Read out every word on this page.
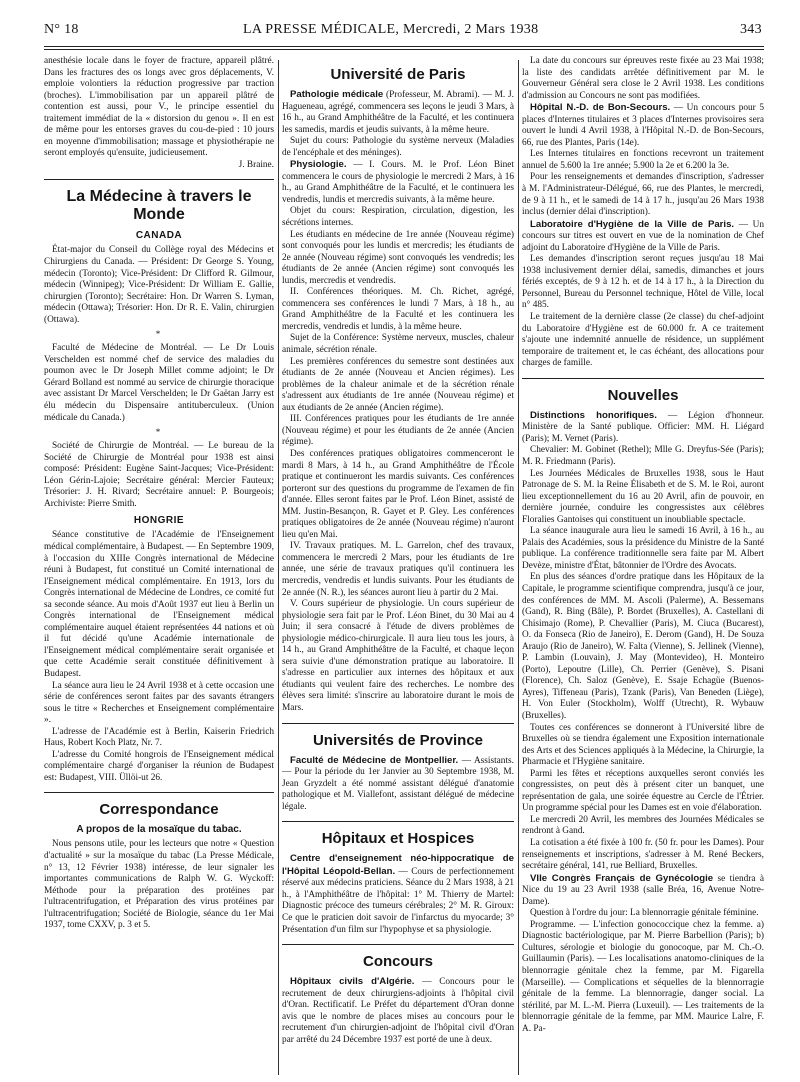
N° 18	LA PRESSE MÉDICALE, Mercredi, 2 Mars 1938	343

anesthésie locale dans le foyer de fracture, appareil plâtré. Dans les fractures des os longs avec gros déplacements, V. emploie volontiers la réduction progressive par traction (broches). L'immobilisation par un appareil plâtré de contention est aussi, pour V., le principe essentiel du traitement immédiat de la « distorsion du genou ». Il en est de même pour les entorses graves du cou-de-pied : 10 jours en moyenne d'immobilisation; massage et physiothérapie ne seront employés qu'ensuite, judicieusement.

J. Braine.

La Médecine à travers le Monde
CANADA

État-major du Conseil du Collège royal des Médecins et Chirurgiens du Canada. — Président: Dr George S. Young, médecin (Toronto); Vice-Président: Dr Clifford R. Gilmour, médecin (Winnipeg); Vice-Président: Dr William E. Gallie, chirurgien (Toronto); Secrétaire: Hon. Dr Warren S. Lyman, médecin (Ottawa); Trésorier: Hon. Dr R. E. Valin, chirurgien (Ottawa).

*

Faculté de Médecine de Montréal. — Le Dr Louis Verschelden est nommé chef de service des maladies du poumon avec le Dr Joseph Millet comme adjoint; le Dr Gérard Bolland est nommé au service de chirurgie thoracique avec assistant Dr Marcel Verschelden; le Dr Gaëtan Jarry est élu médecin du Dispensaire antituberculeux. (Union médicale du Canada.)

*

Société de Chirurgie de Montréal. — Le bureau de la Société de Chirurgie de Montréal pour 1938 est ainsi composé: Président: Eugène Saint-Jacques; Vice-Président: Léon Gérin-Lajoie; Secrétaire général: Mercier Fauteux; Trésorier: J. H. Rivard; Secrétaire annuel: P. Bourgeois; Archiviste: Pierre Smith.

HONGRIE

Séance constitutive de l'Académie de l'Enseignement médical complémentaire, à Budapest. — En Septembre 1909, à l'occasion du XIIIe Congrès international de Médecine réuni à Budapest, fut constitué un Comité international de l'Enseignement médical complémentaire. En 1913, lors du Congrès international de Médecine de Londres, ce comité fut sa seconde séance. Au mois d'Août 1937 eut lieu à Berlin un Congrès international de l'Enseignement médical complémentaire auquel étaient représentées 44 nations et où il fut décidé qu'une Académie internationale de l'Enseignement médical complémentaire serait organisée et que cette Académie serait constituée définitivement à Budapest.

La séance aura lieu le 24 Avril 1938 et à cette occasion une série de conférences seront faites par des savants étrangers sous le titre « Recherches et Enseignement complémentaire ».

L'adresse de l'Académie est à Berlin, Kaiserin Friedrich Haus, Robert Koch Platz, Nr. 7.

L'adresse du Comité hongrois de l'Enseignement médical complémentaire chargé d'organiser la réunion de Budapest est: Budapest, VIII. Üllöi-ut 26.

Correspondance
A propos de la mosaïque du tabac.

Nous pensons utile, pour les lecteurs que notre « Question d'actualité » sur la mosaïque du tabac (La Presse Médicale, n° 13, 12 Février 1938) intéresse, de leur signaler les importantes communications de Ralph W. G. Wyckoff: Méthode pour la préparation des protéines par l'ultracentrifugation, et Préparation des virus protéines par l'ultracentrifugation; Société de Biologie, séance du 1er Mai 1937, tome CXXV, p. 3 et 5.

Université de Paris

Pathologie médicale (Professeur, M. Abrami). — M. J. Hagueneau, agrégé, commencera ses leçons le jeudi 3 Mars, à 16 h., au Grand Amphithéâtre de la Faculté, et les continuera les samedis, mardis et jeudis suivants, à la même heure.

Sujet du cours: Pathologie du système nerveux (Maladies de l'encéphale et des méninges).

Physiologie. — I. Cours. M. le Prof. Léon Binet commencera le cours de physiologie le mercredi 2 Mars, à 16 h., au Grand Amphithéâtre de la Faculté, et le continuera les vendredis, lundis et mercredis suivants, à la même heure.

Objet du cours: Respiration, circulation, digestion, les sécrétions internes.

Les étudiants en médecine de 1re année (Nouveau régime) sont convoqués pour les lundis et mercredis; les étudiants de 2e année (Nouveau régime) sont convoqués les vendredis; les étudiants de 2e année (Ancien régime) sont convoqués les lundis, mercredis et vendredis.

II. Conférences théoriques. M. Ch. Richet, agrégé, commencera ses conférences le lundi 7 Mars, à 18 h., au Grand Amphithéâtre de la Faculté et les continuera les mercredis, vendredis et lundis, à la même heure.

Sujet de la Conférence: Système nerveux, muscles, chaleur animale, sécrétion rénale.

Les premières conférences du semestre sont destinées aux étudiants de 2e année (Nouveau et Ancien régimes). Les problèmes de la chaleur animale et de la sécrétion rénale s'adressent aux étudiants de 1re année (Nouveau régime) et aux étudiants de 2e année (Ancien régime).

III. Conférences pratiques pour les étudiants de 1re année (Nouveau régime) et pour les étudiants de 2e année (Ancien régime).

Des conférences pratiques obligatoires commenceront le mardi 8 Mars, à 14 h., au Grand Amphithéâtre de l'École pratique et continueront les mardis suivants. Ces conférences porteront sur des questions du programme de l'examen de fin d'année. Elles seront faites par le Prof. Léon Binet, assisté de MM. Justin-Besançon, R. Gayet et P. Gley. Les conférences pratiques obligatoires de 2e année (Nouveau régime) n'auront lieu qu'en Mai.

IV. Travaux pratiques. M. L. Garrelon, chef des travaux, commencera le mercredi 2 Mars, pour les étudiants de 1re année, une série de travaux pratiques qu'il continuera les mercredis, vendredis et lundis suivants. Pour les étudiants de 2e année (N. R.), les séances auront lieu à partir du 2 Mai.

V. Cours supérieur de physiologie. Un cours supérieur de physiologie sera fait par le Prof. Léon Binet, du 30 Mai au 4 Juin; il sera consacré à l'étude de divers problèmes de physiologie médico-chirurgicale. Il aura lieu tous les jours, à 14 h., au Grand Amphithéâtre de la Faculté, et chaque leçon sera suivie d'une démonstration pratique au laboratoire. Il s'adresse en particulier aux internes des hôpitaux et aux étudiants qui veulent faire des recherches. Le nombre des élèves sera limité: s'inscrire au laboratoire durant le mois de Mars.

Universités de Province

Faculté de Médecine de Montpellier. — Assistants. — Pour la période du 1er Janvier au 30 Septembre 1938, M. Jean Gryzdelt a été nommé assistant délégué d'anatomie pathologique et M. Viallefont, assistant délégué de médecine légale.

Hôpitaux et Hospices

Centre d'enseignement néo-hippocratique de l'Hôpital Léopold-Bellan. — Cours de perfectionnement réservé aux médecins praticiens. Séance du 2 Mars 1938, à 21 h., à l'Amphithéâtre de l'hôpital: 1° M. Thierry de Martel: Diagnostic précoce des tumeurs cérébrales; 2° M. R. Giroux: Ce que le praticien doit savoir de l'infarctus du myocarde; 3° Présentation d'un film sur l'hypophyse et sa physiologie.

Concours

Hôpitaux civils d'Algérie. — Concours pour le recrutement de deux chirurgiens-adjoints à l'hôpital civil d'Oran. Rectificatif. Le Préfet du département d'Oran donne avis que le nombre de places mises au concours pour le recrutement d'un chirurgien-adjoint de l'hôpital civil d'Oran par arrêté du 24 Décembre 1937 est porté de une à deux.

La date du concours sur épreuves reste fixée au 23 Mai 1938; la liste des candidats arrêtée définitivement par M. le Gouverneur Général sera close le 2 Avril 1938. Les conditions d'admission au Concours ne sont pas modifiées.

Hôpital N.-D. de Bon-Secours. — Un concours pour 5 places d'Internes titulaires et 3 places d'Internes provisoires sera ouvert le lundi 4 Avril 1938, à l'Hôpital N.-D. de Bon-Secours, 66, rue des Plantes, Paris (14e).

Les Internes titulaires en fonctions recevront un traitement annuel de 5.600 la 1re année; 5.900 la 2e et 6.200 la 3e.

Pour les renseignements et demandes d'inscription, s'adresser à M. l'Administrateur-Délégué, 66, rue des Plantes, le mercredi, de 9 à 11 h., et le samedi de 14 à 17 h., jusqu'au 26 Mars 1938 inclus (dernier délai d'inscription).

Laboratoire d'Hygiène de la Ville de Paris. — Un concours sur titres est ouvert en vue de la nomination de Chef adjoint du Laboratoire d'Hygiène de la Ville de Paris.

Les demandes d'inscription seront reçues jusqu'au 18 Mai 1938 inclusivement dernier délai, samedis, dimanches et jours fériés exceptés, de 9 à 12 h. et de 14 à 17 h., à la Direction du Personnel, Bureau du Personnel technique, Hôtel de Ville, local n° 485.

Le traitement de la dernière classe (2e classe) du chef-adjoint du Laboratoire d'Hygiène est de 60.000 fr. A ce traitement s'ajoute une indemnité annuelle de résidence, un supplément temporaire de traitement et, le cas échéant, des allocations pour charges de famille.

Nouvelles

Distinctions honorifiques. — Légion d'honneur. Ministère de la Santé publique. Officier: MM. H. Liégard (Paris); M. Vernet (Paris).

Chevalier: M. Gobinet (Rethel); Mlle G. Dreyfus-Sée (Paris); M. R. Friedmann (Paris).

Les Journées Médicales de Bruxelles 1938, sous le Haut Patronage de S. M. la Reine Élisabeth et de S. M. le Roi, auront lieu exceptionnellement du 16 au 20 Avril, afin de pouvoir, en dernière journée, conduire les congressistes aux célèbres Floralies Gantoises qui constituent un inoubliable spectacle.

La séance inaugurale aura lieu le samedi 16 Avril, à 16 h., au Palais des Académies, sous la présidence du Ministre de la Santé publique. La conférence traditionnelle sera faite par M. Albert Devèze, ministre d'État, bâtonnier de l'Ordre des Avocats.

En plus des séances d'ordre pratique dans les Hôpitaux de la Capitale, le programme scientifique comprendra, jusqu'à ce jour, des conférences de MM. M. Ascoli (Palerme), A. Bessemans (Gand), R. Bing (Bâle), P. Bordet (Bruxelles), A. Castellani di Chisimajo (Rome), P. Chevallier (Paris), M. Ciuca (Bucarest), O. da Fonseca (Rio de Janeiro), E. Derom (Gand), H. De Souza Araujo (Rio de Janeiro), W. Falta (Vienne), S. Jellinek (Vienne), P. Lambin (Louvain), J. May (Montevideo), H. Monteiro (Porto), Lepoutre (Lille), Ch. Perrier (Genève), S. Pisani (Florence), Ch. Saloz (Genève), E. Ssaje Echagüe (Buenos-Ayres), Tiffeneau (Paris), Tzank (Paris), Van Beneden (Liège), H. Von Euler (Stockholm), Wolff (Utrecht), R. Wybauw (Bruxelles).

Toutes ces conférences se donneront à l'Université libre de Bruxelles où se tiendra également une Exposition internationale des Arts et des Sciences appliqués à la Médecine, la Chirurgie, la Pharmacie et l'Hygiène sanitaire.

Parmi les fêtes et réceptions auxquelles seront conviés les congressistes, on peut dès à présent citer un banquet, une représentation de gala, une soirée équestre au Cercle de l'Étrier. Un programme spécial pour les Dames est en voie d'élaboration.

Le mercredi 20 Avril, les membres des Journées Médicales se rendront à Gand.

La cotisation a été fixée à 100 fr. (50 fr. pour les Dames). Pour renseignements et inscriptions, s'adresser à M. René Beckers, secrétaire général, 141, rue Belliard, Bruxelles.

VIIe Congrès Français de Gynécologie se tiendra à Nice du 19 au 23 Avril 1938 (salle Bréa, 16, Avenue Notre-Dame).

Question à l'ordre du jour: La blennorragie génitale féminine.

Programme. — L'infection gonococcique chez la femme. a) Diagnostic bactériologique, par M. Pierre Barbellion (Paris); b) Cultures, sérologie et biologie du gonocoque, par M. Ch.-O. Guillaumin (Paris). — Les localisations anatomo-cliniques de la blennorragie génitale chez la femme, par M. Figarella (Marseille). — Complications et séquelles de la blennorragie génitale de la femme. La blennorragie, danger social. La stérilité, par M. L.-M. Pierra (Luxeuil). — Les traitements de la blennorragie génitale de la femme, par MM. Maurice Lalre, F. A. Pa-
